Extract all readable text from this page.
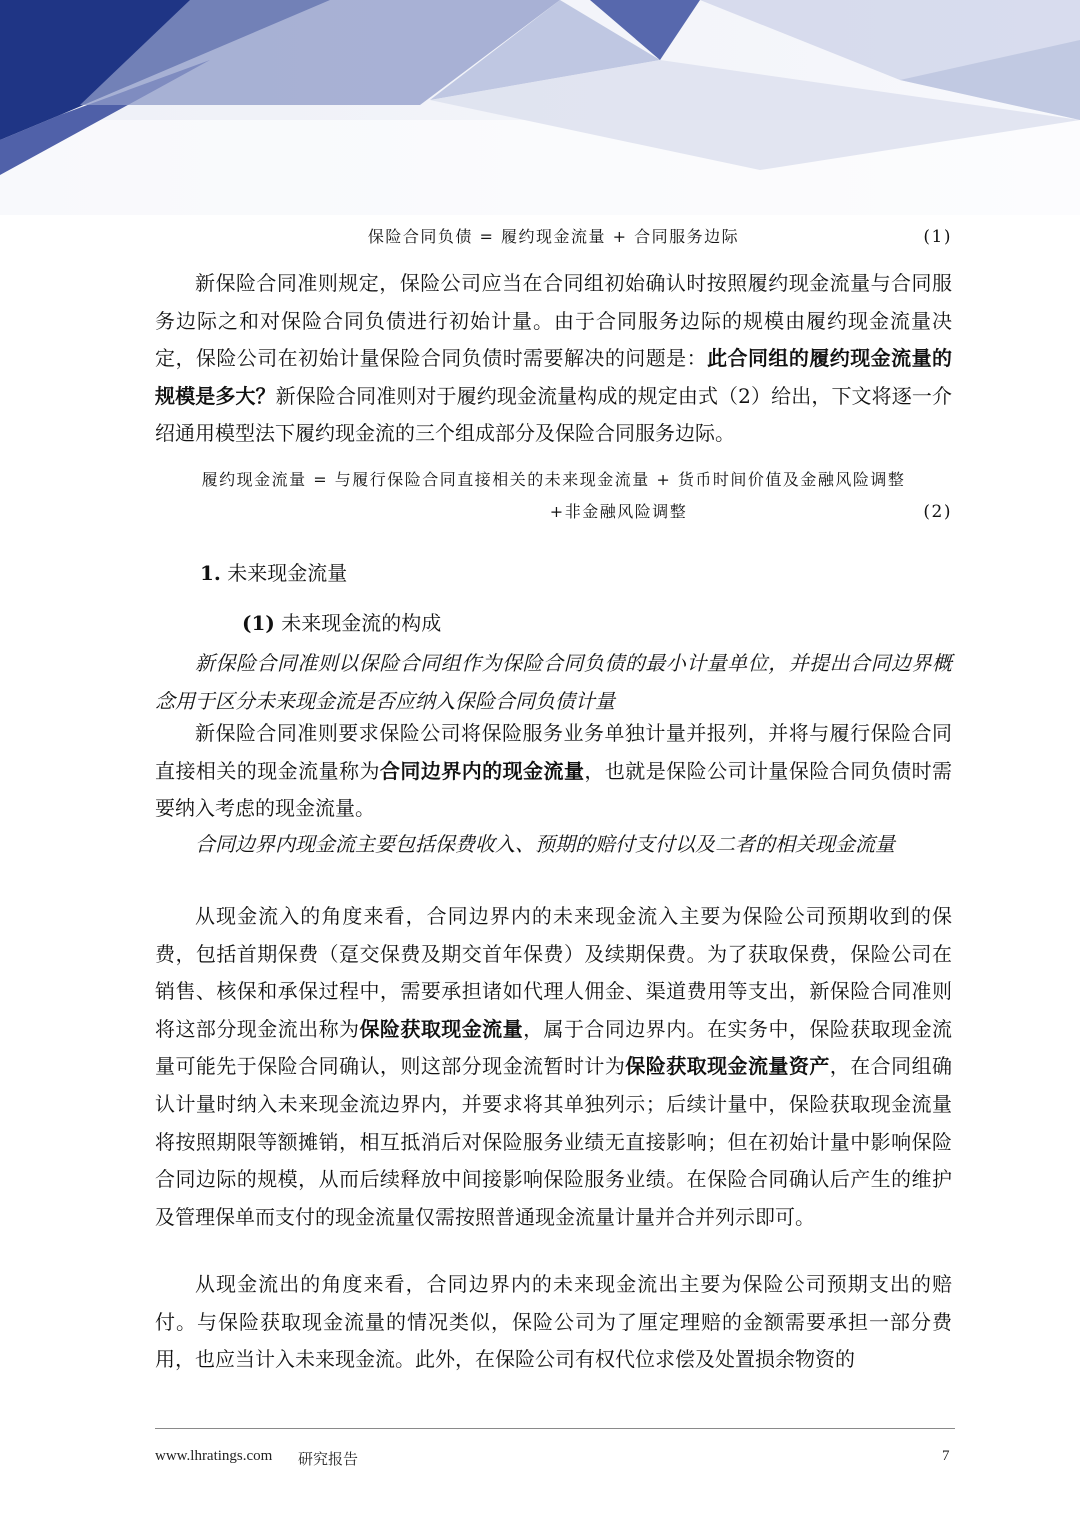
保险合同负债 = 履约现金流量 + 合同服务边际	(1)

新保险合同准则规定，保险公司应当在合同组初始确认时按照履约现金流量与合同服务边际之和对保险合同负债进行初始计量。由于合同服务边际的规模由履约现金流量决定，保险公司在初始计量保险合同负债时需要解决的问题是：此合同组的履约现金流量的规模是多大？新保险合同准则对于履约现金流量构成的规定由式（2）给出，下文将逐一介绍通用模型法下履约现金流的三个组成部分及保险合同服务边际。

履约现金流量 = 与履行保险合同直接相关的未来现金流量 + 货币时间价值及金融风险调整
+非金融风险调整	(2)
1. 未来现金流量
(1) 未来现金流的构成

新保险合同准则以保险合同组作为保险合同负债的最小计量单位，并提出合同边界概念用于区分未来现金流是否应纳入保险合同负债计量

新保险合同准则要求保险公司将保险服务业务单独计量并报列，并将与履行保险合同直接相关的现金流量称为合同边界内的现金流量，也就是保险公司计量保险合同负债时需要纳入考虑的现金流量。

合同边界内现金流主要包括保费收入、预期的赔付支付以及二者的相关现金流量

从现金流入的角度来看，合同边界内的未来现金流入主要为保险公司预期收到的保费，包括首期保费（趸交保费及期交首年保费）及续期保费。为了获取保费，保险公司在销售、核保和承保过程中，需要承担诸如代理人佣金、渠道费用等支出，新保险合同准则将这部分现金流出称为保险获取现金流量，属于合同边界内。在实务中，保险获取现金流量可能先于保险合同确认，则这部分现金流暂时计为保险获取现金流量资产，在合同组确认计量时纳入未来现金流边界内，并要求将其单独列示；后续计量中，保险获取现金流量将按照期限等额摊销，相互抵消后对保险服务业绩无直接影响；但在初始计量中影响保险合同边际的规模，从而后续释放中间接影响保险服务业绩。在保险合同确认后产生的维护及管理保单而支付的现金流量仅需按照普通现金流量计量并合并列示即可。

从现金流出的角度来看，合同边界内的未来现金流出主要为保险公司预期支出的赔付。与保险获取现金流量的情况类似，保险公司为了厘定理赔的金额需要承担一部分费用，也应当计入未来现金流。此外，在保险公司有权代位求偿及处置损余物资的

www.lhratings.com 研究报告	7
